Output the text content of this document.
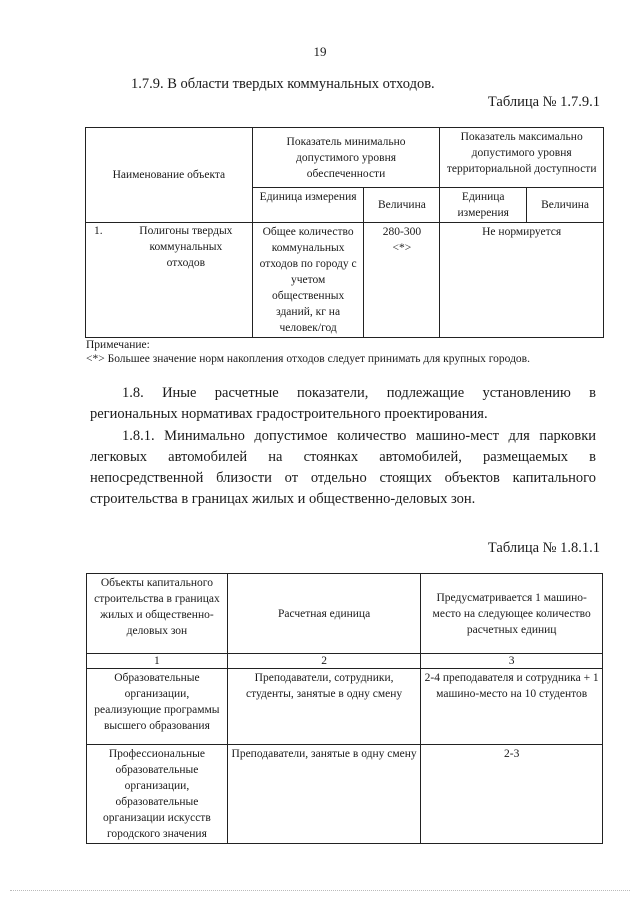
19
1.7.9. В области твердых коммунальных отходов.
Таблица № 1.7.9.1
Наименование объекта	Показатель минимально допустимого уровня обеспеченности		Показатель максимально допустимого уровня территориальной доступности	
	Единица измерения	Величина	Единица измерения	Величина

1. Полигоны твердых коммунальных отходов	Общее количество коммунальных отходов по городу с учетом общественных зданий, кг на человек/год	280-300 <*>	Не нормируется	
Примечание:
<*> Большее значение норм накопления отходов следует принимать для крупных городов.
1.8. Иные расчетные показатели, подлежащие установлению в региональных нормативах градостроительного проектирования.
1.8.1. Минимально допустимое количество машино-мест для парковки легковых автомобилей на стоянках автомобилей, размещаемых в непосредственной близости от отдельно стоящих объектов капитального строительства в границах жилых и общественно-деловых зон.
Таблица № 1.8.1.1
Объекты капитального строительства в границах жилых и общественно-деловых зон	Расчетная единица	Предусматривается 1 машино-место на следующее количество расчетных единиц
1	2	3
Образовательные организации, реализующие программы высшего образования	Преподаватели, сотрудники, студенты, занятые в одну смену	2-4 преподавателя и сотрудника + 1 машино-место на 10 студентов
Профессиональные образовательные организации, образовательные организации искусств городского значения	Преподаватели, занятые в одну смену	2-3
